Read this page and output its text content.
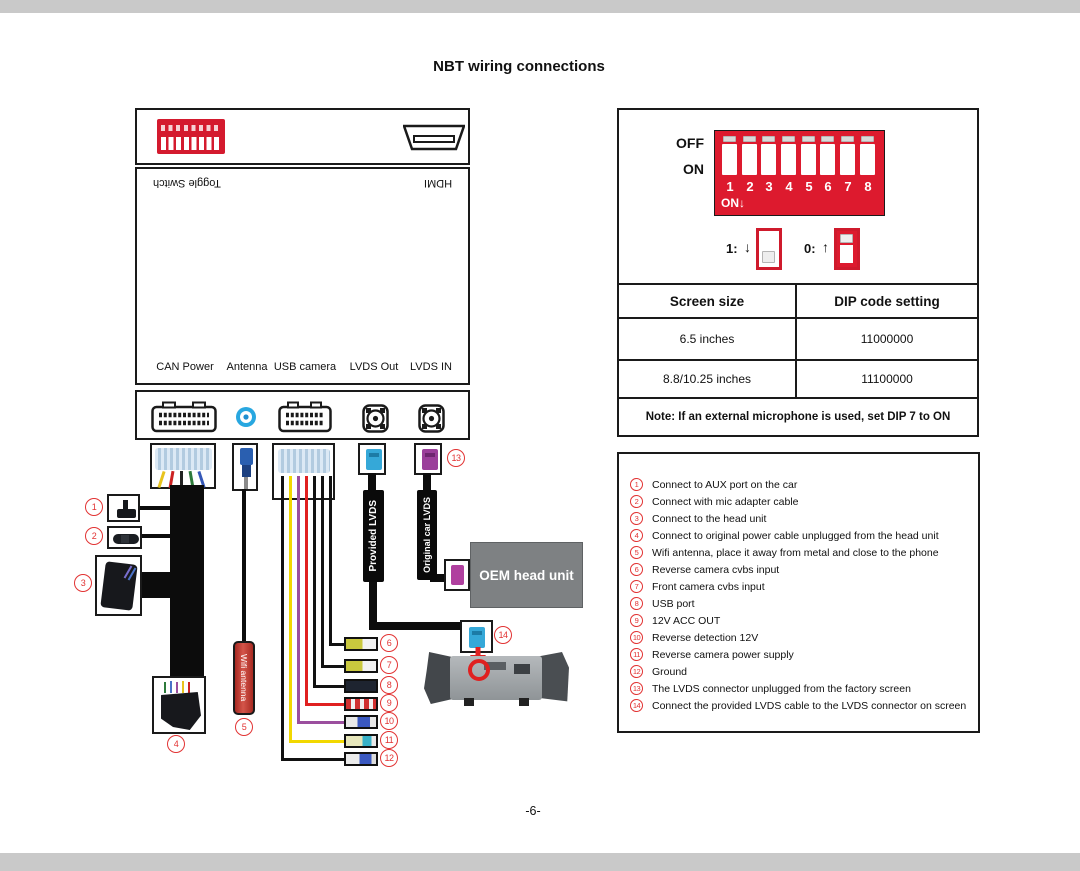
NBT wiring connections
Toggle Switch	HDMI
CAN Power Antenna USB camera LVDS Out LVDS IN
13
1
2
3
4
Wifi antenna
5
6
7
8
9
10
11
12
Provided LVDS	Original car LVDS
OEM head unit
14
OFF
ON
1 2 3 4 5 6 7 8
ON↓
1: ↓	0: ↑
Screen size	DIP code setting
6.5 inches	11000000
8.8/10.25 inches	11100000
Note: If an external microphone is used, set DIP 7 to ON
1	Connect to AUX port on the car
2	Connect with mic adapter cable
3	Connect to the head unit
4	Connect to original power cable unplugged from the head unit
5	Wifi antenna, place it away from metal and close to the phone
6	Reverse camera cvbs input
7	Front camera cvbs input
8	USB port
9	12V ACC OUT
10 Reverse detection 12V
11 Reverse camera power supply
12 Ground
13 The LVDS connector unplugged from the factory screen
14 Connect the provided LVDS cable to the LVDS connector on screen
-6-
